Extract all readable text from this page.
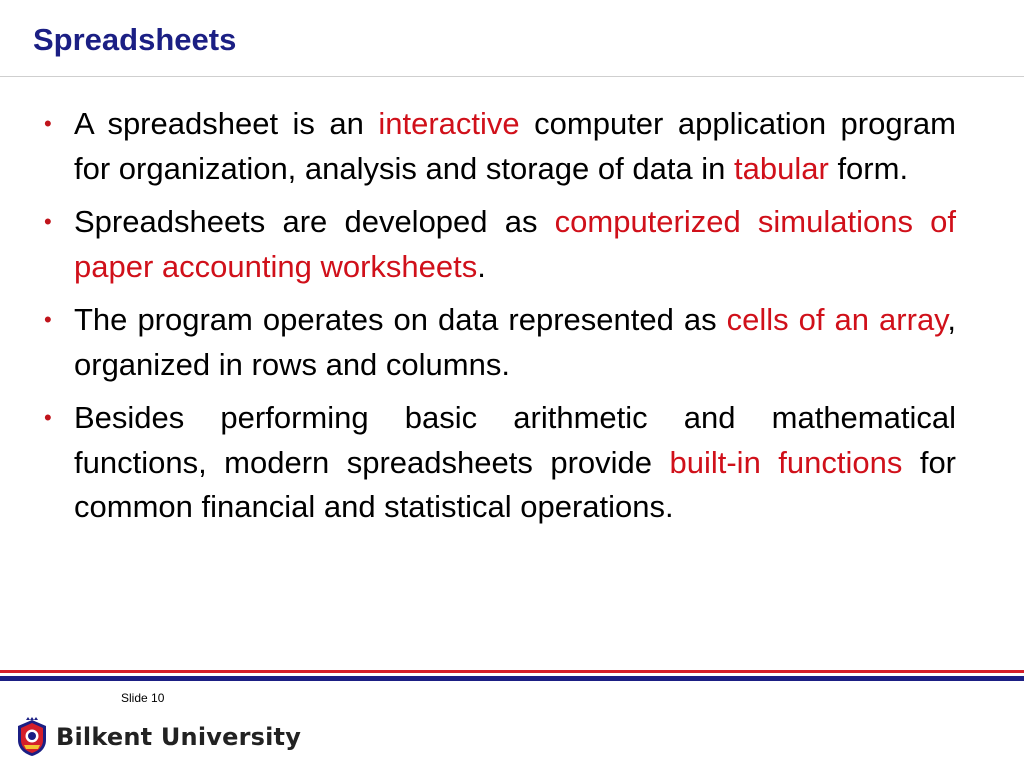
Spreadsheets
• A spreadsheet is an interactive computer application program for organization, analysis and storage of data in tabular form.
• Spreadsheets are developed as computerized simulations of paper accounting worksheets.
• The program operates on data represented as cells of an array, organized in rows and columns.
• Besides performing basic arithmetic and mathematical functions, modern spreadsheets provide built-in functions for common financial and statistical operations.
Slide 10
Bilkent University
